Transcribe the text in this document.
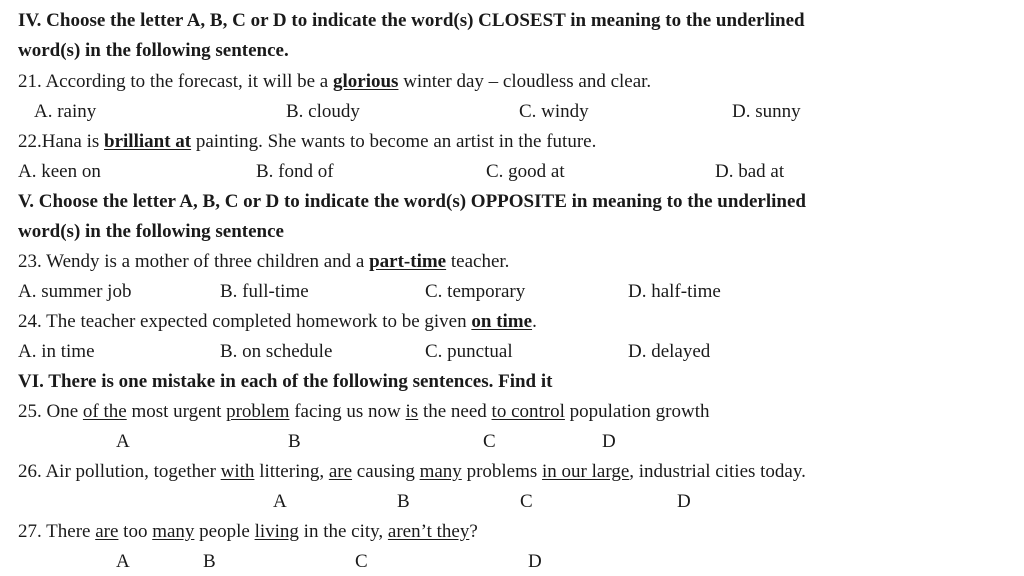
IV. Choose the letter A, B, C or D to indicate the word(s) CLOSEST in meaning to the underlined
word(s) in the following sentence.
21. According to the forecast, it will be a glorious winter day – cloudless and clear.
A. rainy	B. cloudy	C. windy	D. sunny
22.Hana is brilliant at painting. She wants to become an artist in the future.
A. keen on	B. fond of	C. good at	D. bad at
V. Choose the letter A, B, C or D to indicate the word(s) OPPOSITE in meaning to the underlined
word(s) in the following sentence
23. Wendy is a mother of three children and a part-time teacher.
A. summer job	B. full-time	C. temporary	D. half-time
24. The teacher expected completed homework to be given on time.
A. in time	B. on schedule	C. punctual	D. delayed
VI. There is one mistake in each of the following sentences. Find it
25. One of the most urgent problem facing us now is the need to control population growth
A	B	C	D
26. Air pollution, together with littering, are causing many problems in our large, industrial cities today.
A	B	C	D
27. There are too many people living in the city, aren’t they?
A	B	C	D
